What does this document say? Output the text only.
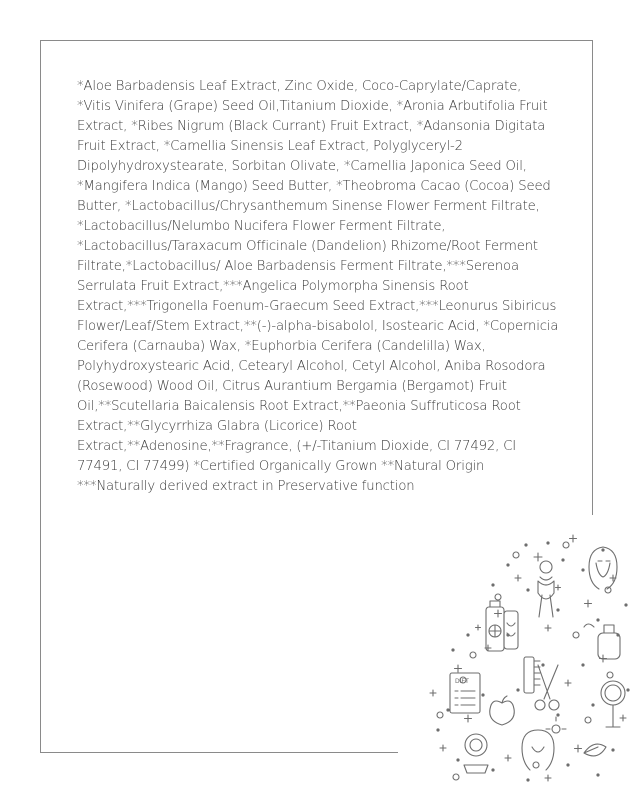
*Aloe Barbadensis Leaf Extract, Zinc Oxide, Coco-Caprylate/Caprate, *Vitis Vinifera (Grape) Seed Oil,Titanium Dioxide, *Aronia Arbutifolia Fruit Extract, *Ribes Nigrum (Black Currant) Fruit Extract, *Adansonia Digitata Fruit Extract, *Camellia Sinensis Leaf Extract, Polyglyceryl-2 Dipolyhydroxystearate, Sorbitan Olivate, *Camellia Japonica Seed Oil, *Mangifera Indica (Mango) Seed Butter, *Theobroma Cacao (Cocoa) Seed Butter, *Lactobacillus/Chrysanthemum Sinense Flower Ferment Filtrate, *Lactobacillus/Nelumbo Nucifera Flower Ferment Filtrate, *Lactobacillus/Taraxacum Officinale (Dandelion) Rhizome/Root Ferment Filtrate,*Lactobacillus/ Aloe Barbadensis Ferment Filtrate,***Serenoa Serrulata Fruit Extract,***Angelica Polymorpha Sinensis Root Extract,***Trigonella Foenum-Graecum Seed Extract,***Leonurus Sibiricus Flower/Leaf/Stem Extract,**(-)-alpha-bisabolol, Isostearic Acid, *Copernicia Cerifera (Carnauba) Wax, *Euphorbia Cerifera (Candelilla) Wax, Polyhydroxystearic Acid, Cetearyl Alcohol, Cetyl Alcohol, Aniba Rosodora (Rosewood) Wood Oil, Citrus Aurantium Bergamia (Bergamot) Fruit Oil,**Scutellaria Baicalensis Root Extract,**Paeonia Suffruticosa Root Extract,**Glycyrrhiza Glabra (Licorice) Root Extract,**Adenosine,**Fragrance, (+/-Titanium Dioxide, CI 77492, CI 77491, CI 77499) *Certified Organically Grown **Natural Origin ***Naturally derived extract in Preservative function

DIET
